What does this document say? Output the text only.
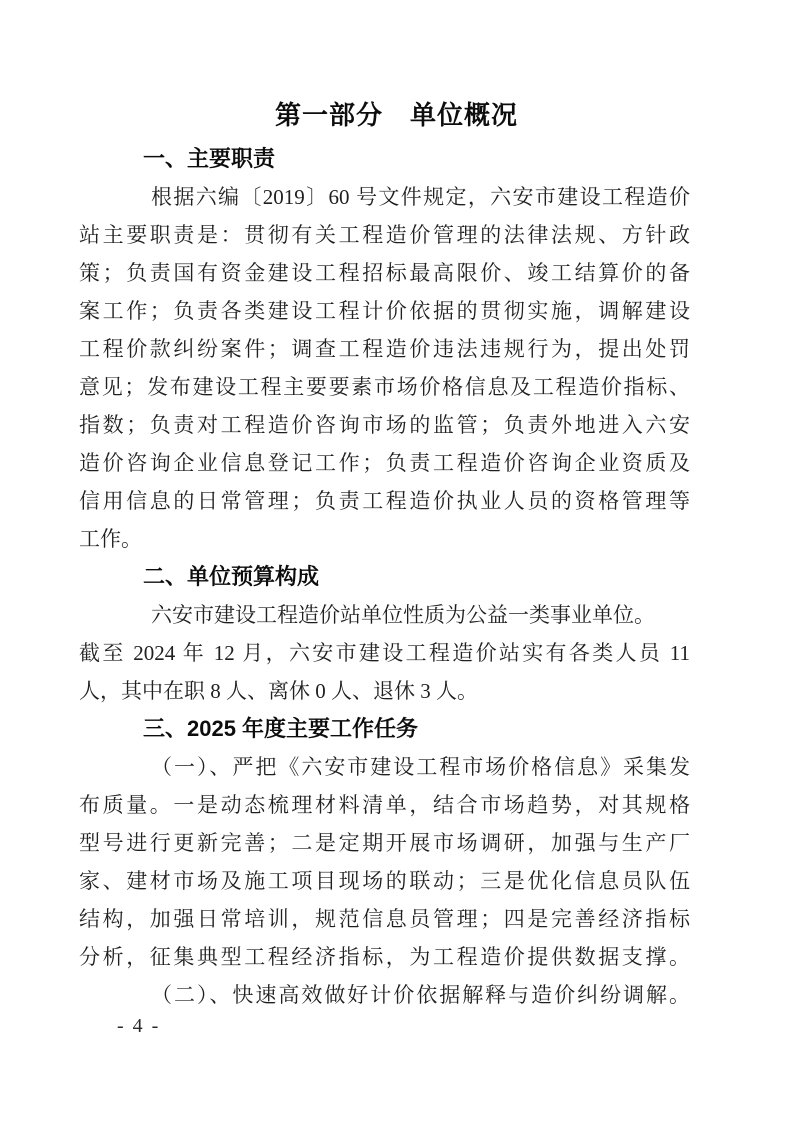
第一部分　单位概况
一、主要职责
根据六编〔2019〕60 号文件规定，六安市建设工程造价
站主要职责是：贯彻有关工程造价管理的法律法规、方针政
策；负责国有资金建设工程招标最高限价、竣工结算价的备
案工作；负责各类建设工程计价依据的贯彻实施，调解建设
工程价款纠纷案件；调查工程造价违法违规行为，提出处罚
意见；发布建设工程主要要素市场价格信息及工程造价指标、
指数；负责对工程造价咨询市场的监管；负责外地进入六安
造价咨询企业信息登记工作；负责工程造价咨询企业资质及
信用信息的日常管理；负责工程造价执业人员的资格管理等
工作。
二、单位预算构成
六安市建设工程造价站单位性质为公益一类事业单位。
截至 2024 年 12 月，六安市建设工程造价站实有各类人员 11
人，其中在职 8 人、离休 0 人、退休 3 人。
三、2025 年度主要工作任务
（一）、严把《六安市建设工程市场价格信息》采集发
布质量。一是动态梳理材料清单，结合市场趋势，对其规格
型号进行更新完善；二是定期开展市场调研，加强与生产厂
家、建材市场及施工项目现场的联动；三是优化信息员队伍
结构，加强日常培训，规范信息员管理；四是完善经济指标
分析，征集典型工程经济指标，为工程造价提供数据支撑。
（二）、快速高效做好计价依据解释与造价纠纷调解。
- 4 -
